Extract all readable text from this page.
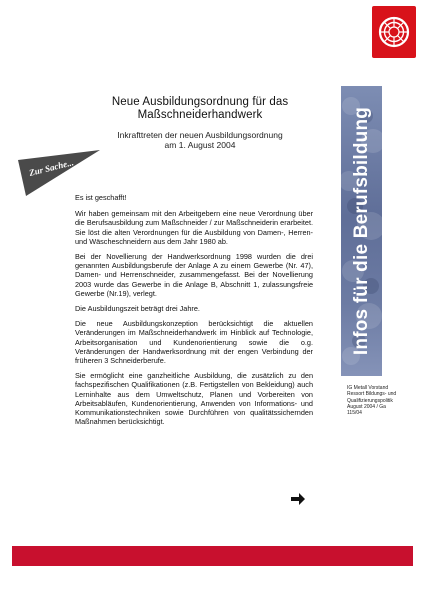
Neue Ausbildungsordnung für das
Maßschneiderhandwerk
Inkrafttreten der neuen Ausbildungsordnung
am 1. August 2004
Zur Sache...

Es ist geschafft!

Wir haben gemeinsam mit den Arbeitgebern eine neue Verordnung über die Berufsausbildung zum Maßschneider / zur Maßschneiderin erarbeitet. Sie löst die alten Verordnungen für die Ausbildung von Damen-, Herren- und Wäscheschneidern aus dem Jahr 1980 ab.

Bei der Novellierung der Handwerksordnung 1998 wurden die drei genannten Ausbildungsberufe der Anlage A zu einem Gewerbe (Nr. 47), Damen- und Herrenschneider, zusammengefasst. Bei der Novellierung 2003 wurde das Gewerbe in die Anlage B, Abschnitt 1, zulassungsfreie Gewerbe (Nr.19), verlegt.

Die Ausbildungszeit beträgt drei Jahre.

Die neue Ausbildungskonzeption berücksichtigt die aktuellen Veränderungen im Maßschneiderhandwerk im Hinblick auf Technologie, Arbeitsorganisation und Kundenorientierung sowie die o.g. Veränderungen der Handwerksordnung mit der engen Verbindung der früheren 3 Schneiderberufe.

Sie ermöglicht eine ganzheitliche Ausbildung, die zusätzlich zu den fachspezifischen Qualifikationen (z.B. Fertigstellen von Bekleidung) auch Lerninhalte aus dem Umweltschutz, Planen und Vorbereiten von Arbeitsabläufen, Kundenorientierung, Anwenden von Informations- und Kommunikationstechniken sowie Durchführen von qualitätssichernden Maßnahmen berücksichtigt.

Infos für die Berufsbildung
IG Metall Vorstand
Ressort Bildungs- und
Qualifizierungspolitik
August 2004 / Ga
115/04
